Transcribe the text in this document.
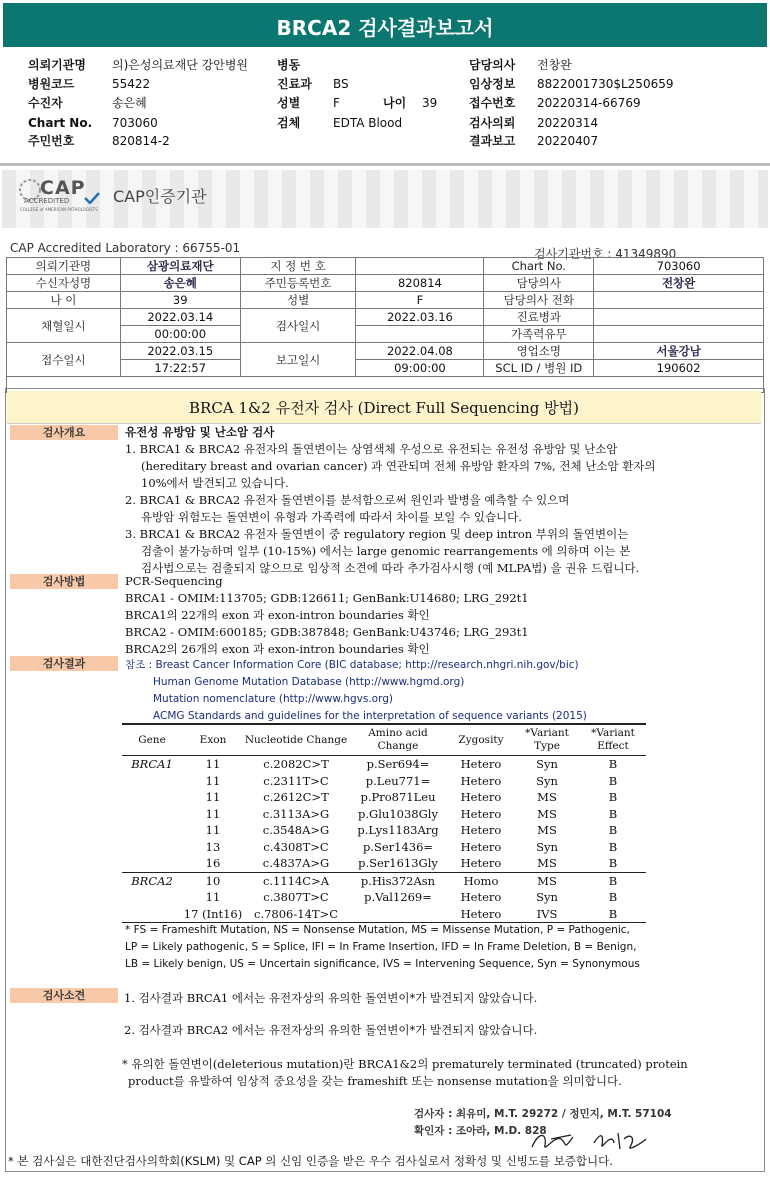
BRCA2 검사결과보고서
의뢰기관명 의)은성의료재단 강안병원
병원코드	55422
수진자	송은혜
Chart No. 703060
주민번호	820814-2
병동
진료과 BS
성별	F	나이 39
검체	EDTA Blood
담당의사 전창완
임상정보 8822001730$L250659
접수번호 20220314-66769
검사의뢰 20220314
결과보고 20220407
CAP
ACCREDITED
COLLEGE of AMERICAN PATHOLOGISTS
CAP인증기관
CAP Accredited Laboratory : 66755-01	검사기관번호 : 41349890
의뢰기관명	삼광의료재단	지 정 번 호		Chart No.	703060
수신자성명	송은혜	주민등록번호	820814	담당의사	전창완
나 이	39	성별	F	담당의사 전화	
채혈일시	2022.03.14	검사일시	2022.03.16	진료병과	
	00:00:00			가족력유무	
접수일시	2022.03.15	보고일시	2022.04.08	영업소명	서울강남
	17:22:57		09:00:00	SCL ID / 병원 ID	190602

BRCA 1&2 유전자 검사 (Direct Full Sequencing 방법)
검사개요	유전성 유방암 및 난소암 검사
1. BRCA1 & BRCA2 유전자의 돌연변이는 상염색체 우성으로 유전되는 유전성 유방암 및 난소암
(hereditary breast and ovarian cancer) 과 연관되며 전체 유방암 환자의 7%, 전체 난소암 환자의
10%에서 발견되고 있습니다.
2. BRCA1 & BRCA2 유전자 돌연변이를 분석함으로써 원인과 발병을 예측할 수 있으며
유방암 위험도는 돌연변이 유형과 가족력에 따라서 차이를 보일 수 있습니다.
3. BRCA1 & BRCA2 유전자 돌연변이 중 regulatory region 및 deep intron 부위의 돌연변이는
검출이 불가능하며 일부 (10-15%) 에서는 large genomic rearrangements 에 의하며 이는 본
검사법으로는 검출되지 않으므로 임상적 소견에 따라 추가검사시행 (예 MLPA법) 을 권유 드립니다.
검사방법	PCR-Sequencing
BRCA1 - OMIM:113705; GDB:126611; GenBank:U14680; LRG_292t1
BRCA1의 22개의 exon 과 exon-intron boundaries 확인
BRCA2 - OMIM:600185; GDB:387848; GenBank:U43746; LRG_293t1
BRCA2의 26개의 exon 과 exon-intron boundaries 확인
검사결과	참조 : Breast Cancer Information Core (BIC database; http://research.nhgri.nih.gov/bic)
Human Genome Mutation Database (http://www.hgmd.org)
Mutation nomenclature (http://www.hgvs.org)
ACMG Standards and guidelines for the interpretation of sequence variants (2015)
Gene	Exon	Nucleotide Change	Amino acid Change	Zygosity	*Variant Type	*Variant Effect
BRCA1	11	c.2082C>T	p.Ser694=	Hetero	Syn	B
	11	c.2311T>C	p.Leu771=	Hetero	Syn	B
	11	c.2612C>T	p.Pro871Leu	Hetero	MS	B
	11	c.3113A>G	p.Glu1038Gly	Hetero	MS	B
	11	c.3548A>G	p.Lys1183Arg	Hetero	MS	B
	13	c.4308T>C	p.Ser1436=	Hetero	Syn	B
	16	c.4837A>G	p.Ser1613Gly	Hetero	MS	B
BRCA2	10	c.1114C>A	p.His372Asn	Homo	MS	B
	11	c.3807T>C	p.Val1269=	Hetero	Syn	B
	17 (Int16)	c.7806-14T>C		Hetero	IVS	B
* FS = Frameshift Mutation, NS = Nonsense Mutation, MS = Missense Mutation, P = Pathogenic,
LP = Likely pathogenic, S = Splice, IFI = In Frame Insertion, IFD = In Frame Deletion, B = Benign,
LB = Likely benign, US = Uncertain significance, IVS = Intervening Sequence, Syn = Synonymous
검사소견	1. 검사결과 BRCA1 에서는 유전자상의 유의한 돌연변이*가 발견되지 않았습니다.
2. 검사결과 BRCA2 에서는 유전자상의 유의한 돌연변이*가 발견되지 않았습니다.
* 유의한 돌연변이(deleterious mutation)란 BRCA1&2의 prematurely terminated (truncated) protein
product를 유발하여 임상적 중요성을 갖는 frameshift 또는 nonsense mutation을 의미합니다.
검사자 : 최유미, M.T. 29272 / 정민지, M.T. 57104
확인자 : 조아라, M.D. 828
* 본 검사실은 대한진단검사의학회(KSLM) 및 CAP 의 신임 인증을 받은 우수 검사실로서 정확성 및 신빙도를 보증합니다.
